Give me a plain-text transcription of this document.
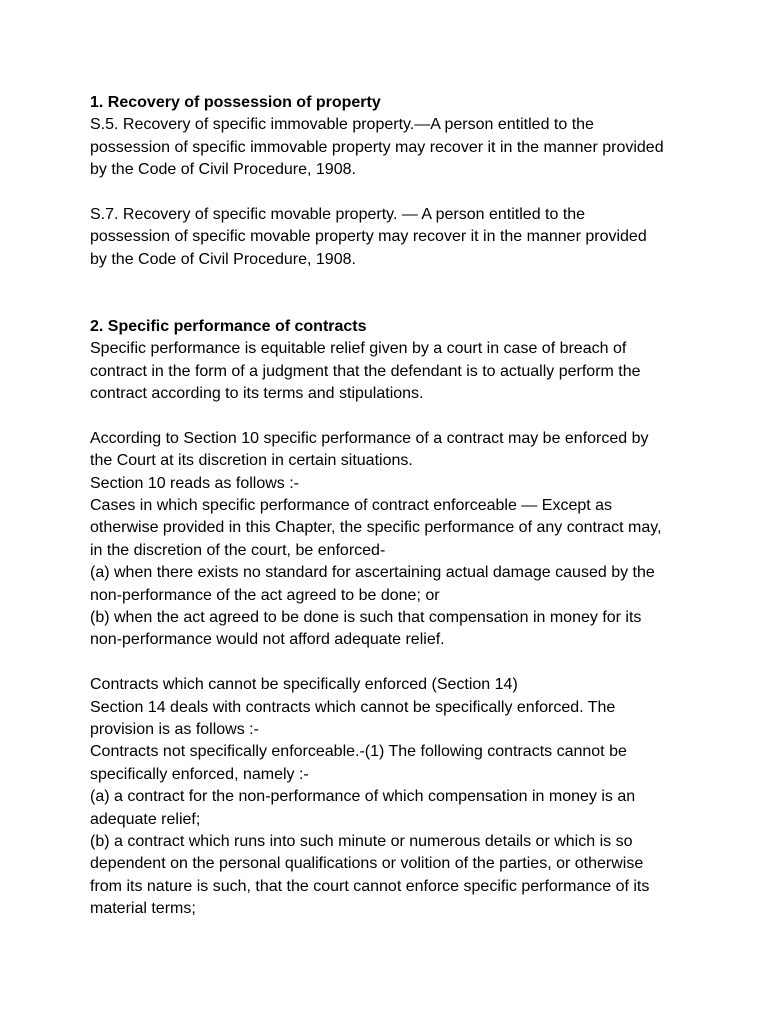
1. Recovery of possession of property
S.5. Recovery of specific immovable property.—A person entitled to the
possession of specific immovable property may recover it in the manner provided
by the Code of Civil Procedure, 1908.
S.7. Recovery of specific movable property. — A person entitled to the
possession of specific movable property may recover it in the manner provided
by the Code of Civil Procedure, 1908.
2. Specific performance of contracts
Specific performance is equitable relief given by a court in case of breach of
contract in the form of a judgment that the defendant is to actually perform the
contract according to its terms and stipulations.
According to Section 10 specific performance of a contract may be enforced by
the Court at its discretion in certain situations.
Section 10 reads as follows :-
Cases in which specific performance of contract enforceable — Except as
otherwise provided in this Chapter, the specific performance of any contract may,
in the discretion of the court, be enforced-
(a) when there exists no standard for ascertaining actual damage caused by the
non-performance of the act agreed to be done; or
(b) when the act agreed to be done is such that compensation in money for its
non-performance would not afford adequate relief.
Contracts which cannot be specifically enforced (Section 14)
Section 14 deals with contracts which cannot be specifically enforced. The
provision is as follows :-
Contracts not specifically enforceable.-(1) The following contracts cannot be
specifically enforced, namely :-
(a) a contract for the non-performance of which compensation in money is an
adequate relief;
(b) a contract which runs into such minute or numerous details or which is so
dependent on the personal qualifications or volition of the parties, or otherwise
from its nature is such, that the court cannot enforce specific performance of its
material terms;
